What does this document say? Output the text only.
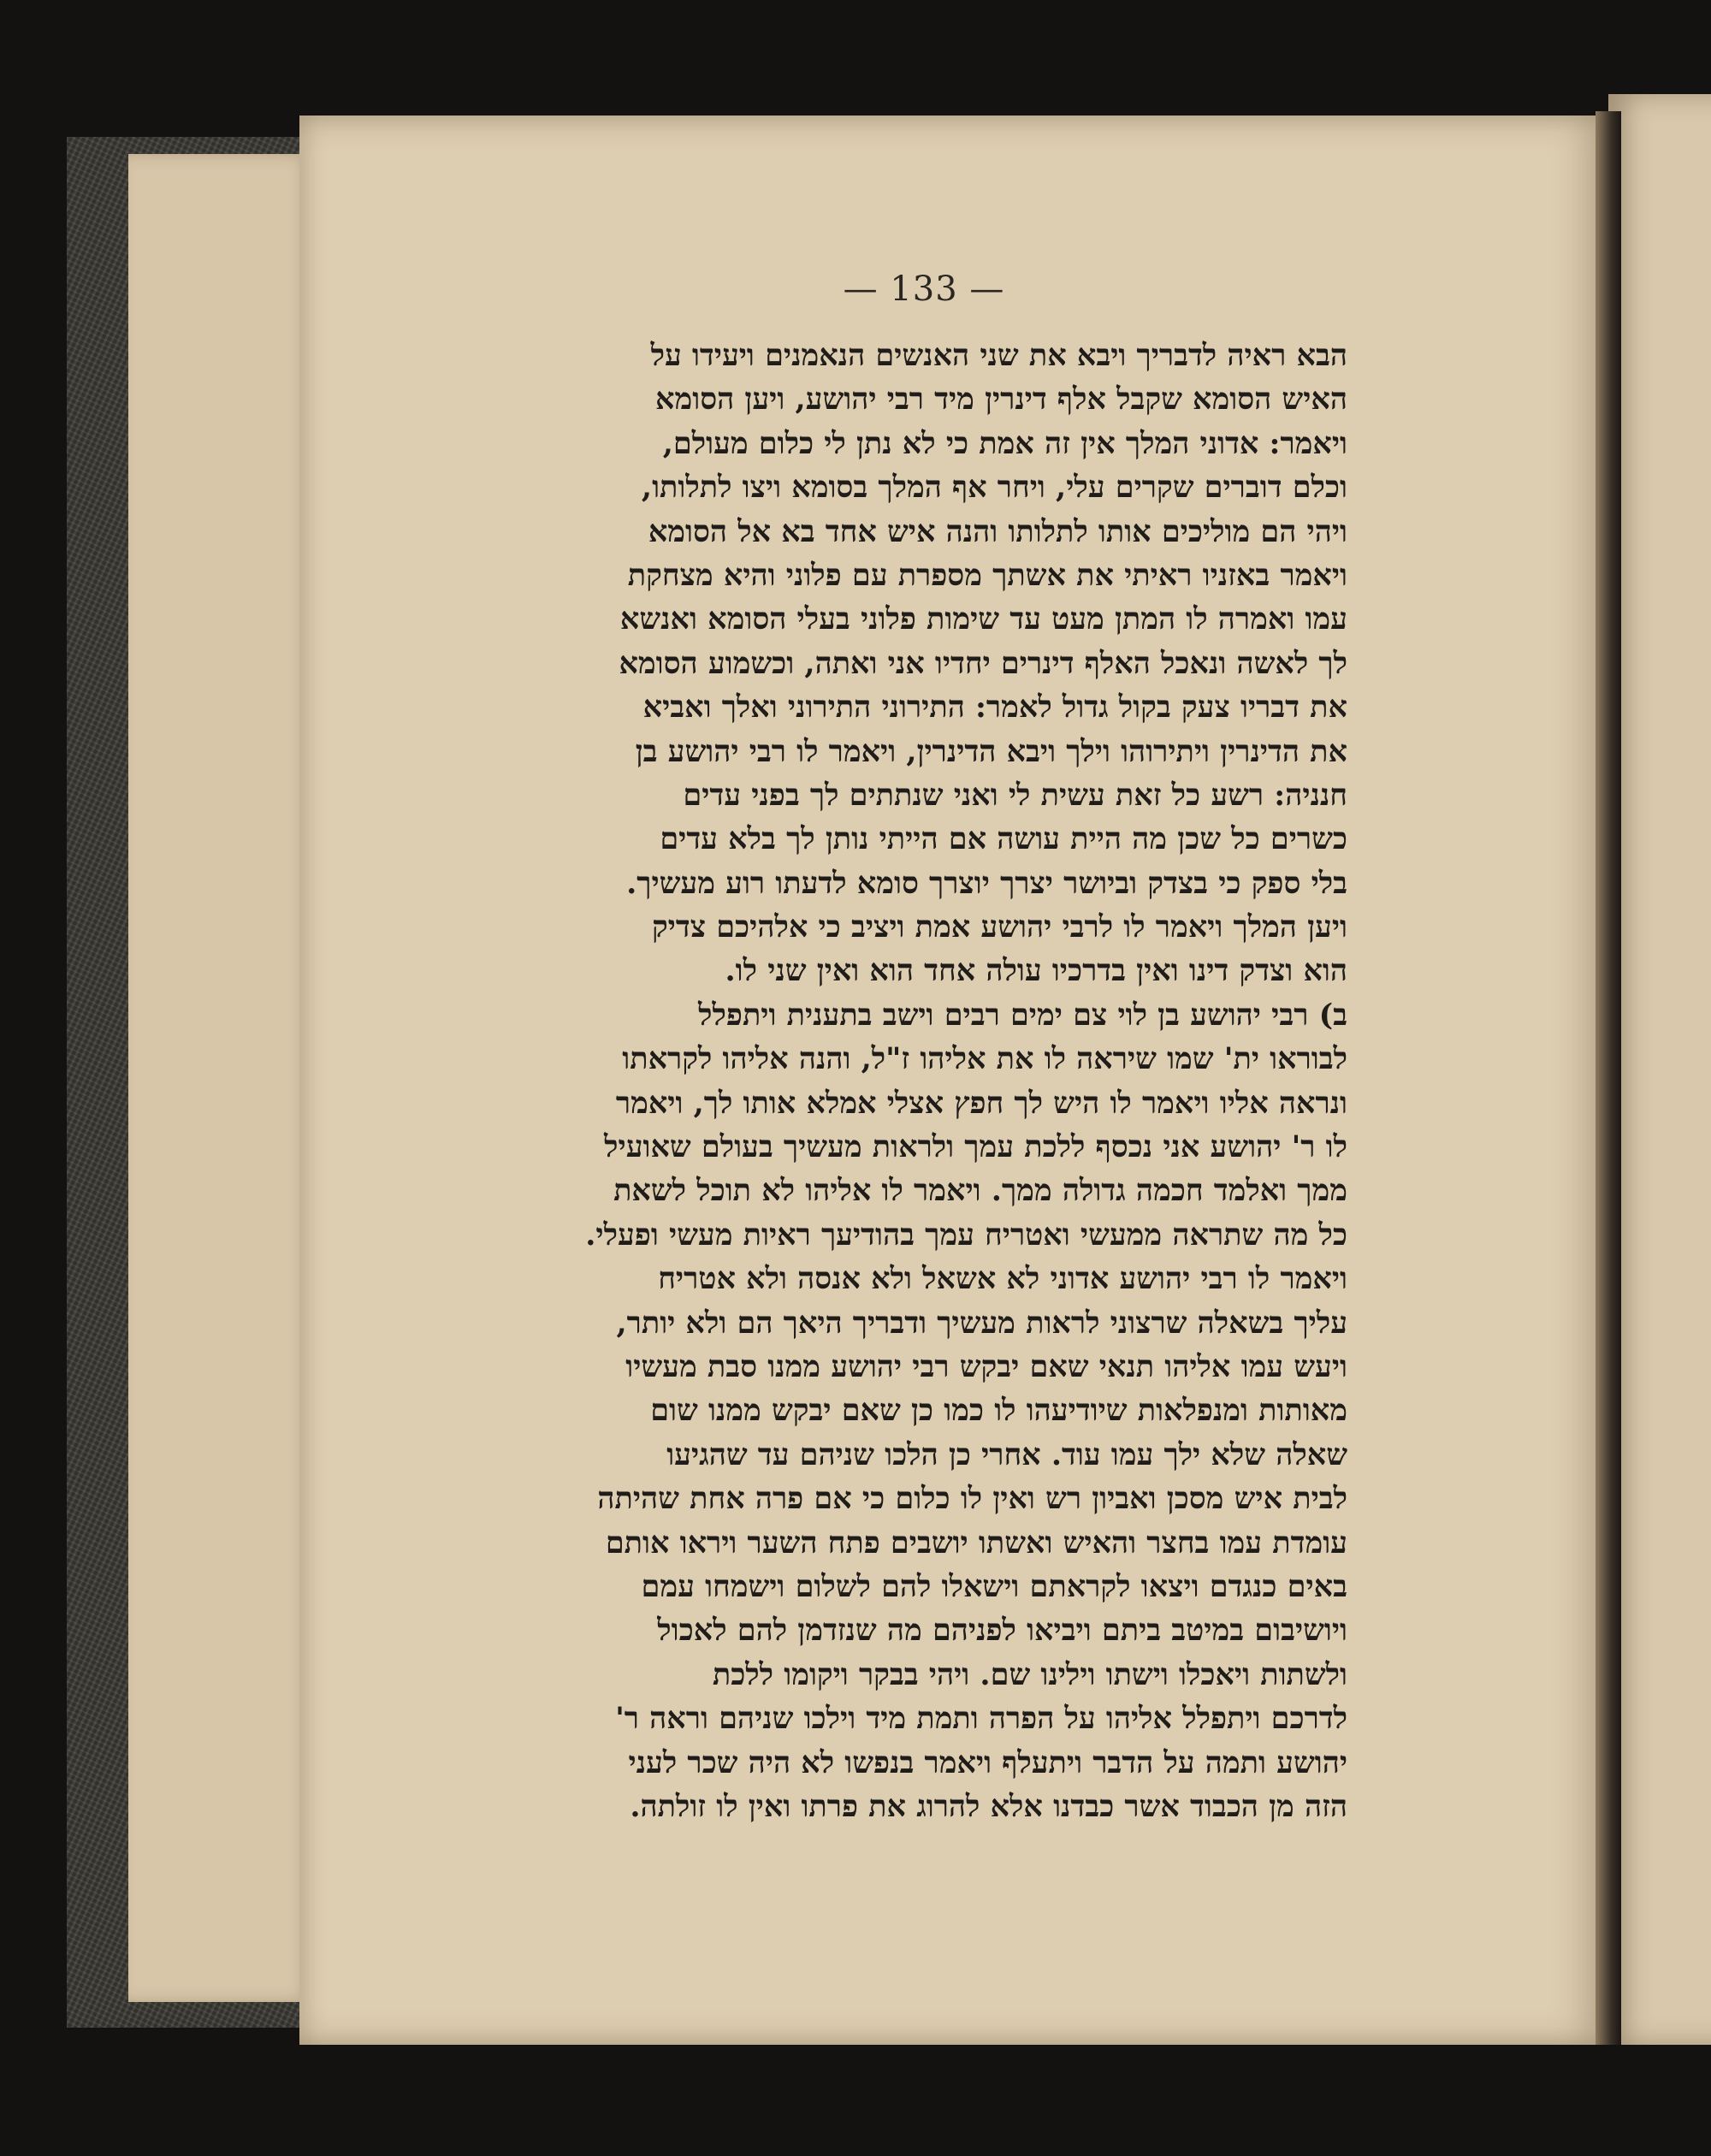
— 133 —
הבא ראיה לדבריך ויבא את שני האנשים הנאמנים ויעידו על
האיש הסומא שקבל אלף דינרין מיד רבי יהושע, ויען הסומא
ויאמר: אדוני המלך אין זה אמת כי לא נתן לי כלום מעולם,
וכלם דוברים שקרים עלי, ויחר אף המלך בסומא ויצו לתלותו,
ויהי הם מוליכים אותו לתלותו והנה איש אחד בא אל הסומא
ויאמר באזניו ראיתי את אשתך מספרת עם פלוני והיא מצחקת
עמו ואמרה לו המתן מעט עד שימות פלוני בעלי הסומא ואנשא
לך לאשה ונאכל האלף דינרים יחדיו אני ואתה, וכשמוע הסומא
את דבריו צעק בקול גדול לאמר: התירוני התירוני ואלך ואביא
את הדינרין ויתירוהו וילך ויבא הדינרין, ויאמר לו רבי יהושע בן
חנניה: רשע כל זאת עשית לי ואני שנתתים לך בפני עדים
כשרים כל שכן מה היית עושה אם הייתי נותן לך בלא עדים
בלי ספק כי בצדק וביושר יצרך יוצרך סומא לדעתו רוע מעשיך.
ויען המלך ויאמר לו לרבי יהושע אמת ויציב כי אלהיכם צדיק
הוא וצדק דינו ואין בדרכיו עולה אחד הוא ואין שני לו.
ב) רבי יהושע בן לוי צם ימים רבים וישב בתענית ויתפלל
לבוראו ית' שמו שיראה לו את אליהו ז"ל, והנה אליהו לקראתו
ונראה אליו ויאמר לו היש לך חפץ אצלי אמלא אותו לך, ויאמר
לו ר' יהושע אני נכסף ללכת עמך ולראות מעשיך בעולם שאועיל
ממך ואלמד חכמה גדולה ממך. ויאמר לו אליהו לא תוכל לשאת
כל מה שתראה ממעשי ואטריח עמך בהודיעך ראיות מעשי ופעלי.
ויאמר לו רבי יהושע אדוני לא אשאל ולא אנסה ולא אטריח
עליך בשאלה שרצוני לראות מעשיך ודבריך היאך הם ולא יותר,
ויעש עמו אליהו תנאי שאם יבקש רבי יהושע ממנו סבת מעשיו
מאותות ומנפלאות שיודיעהו לו כמו כן שאם יבקש ממנו שום
שאלה שלא ילך עמו עוד. אחרי כן הלכו שניהם עד שהגיעו
לבית איש מסכן ואביון רש ואין לו כלום כי אם פרה אחת שהיתה
עומדת עמו בחצר והאיש ואשתו יושבים פתח השער ויראו אותם
באים כנגדם ויצאו לקראתם וישאלו להם לשלום וישמחו עמם
ויושיבום במיטב ביתם ויביאו לפניהם מה שנזדמן להם לאכול
ולשתות ויאכלו וישתו וילינו שם. ויהי בבקר ויקומו ללכת
לדרכם ויתפלל אליהו על הפרה ותמת מיד וילכו שניהם וראה ר'
יהושע ותמה על הדבר ויתעלף ויאמר בנפשו לא היה שכר לעני
הזה מן הכבוד אשר כבדנו אלא להרוג את פרתו ואין לו זולתה.
